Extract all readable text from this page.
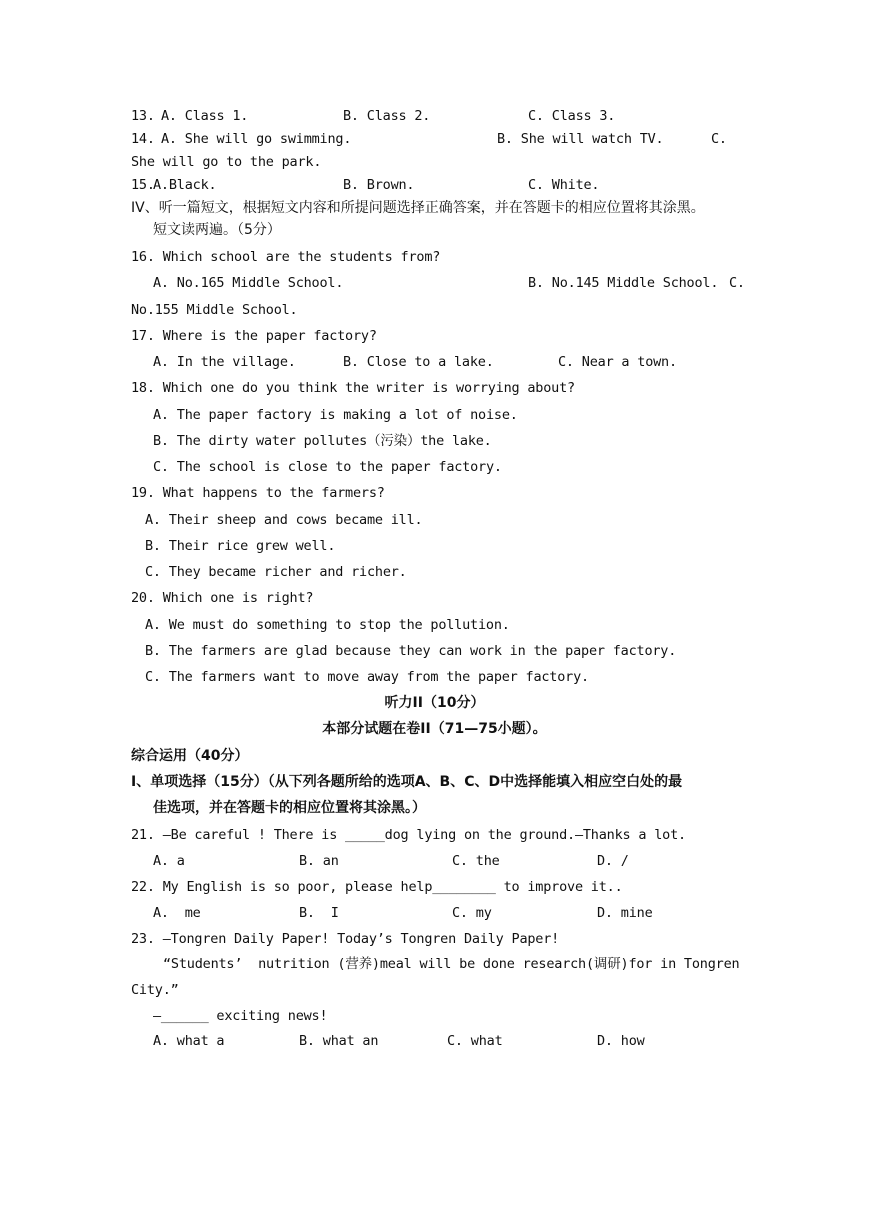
13. A. Class 1.	B. Class 2.	C. Class 3.
14. A. She will go swimming.	B. She will watch TV.	C.
She will go to the park.
15.
A.Black.	B. Brown.	C. White.
IV、听一篇短文，根据短文内容和所提问题选择正确答案，并在答题卡的相应位置将其涂黑。
短文读两遍。（5分）
16. Which school are the students from?
A. No.165 Middle School.	B. No.145 Middle School. C.
No.155 Middle School.
17. Where is the paper factory?
A. In the village.	B. Close to a lake.	C. Near a town.
18. Which one do you think the writer is worrying about?
A. The paper factory is making a lot of noise.
B. The dirty water pollutes（污染）the lake.
C. The school is close to the paper factory.
19. What happens to the farmers?
A. Their sheep and cows became ill.
B. Their rice grew well.
C. They became richer and richer.
20. Which one is right?
A. We must do something to stop the pollution.
B. The farmers are glad because they can work in the paper factory.
C. The farmers want to move away from the paper factory.
听力II（10分）
本部分试题在卷II（71—75小题）。
综合运用（40分）
I、单项选择（15分）（从下列各题所给的选项A、B、C、D中选择能填入相应空白处的最
佳选项，并在答题卡的相应位置将其涂黑。）
21. —Be careful ! There is _____dog lying on the ground.—Thanks a lot.
A. a	B. an	C. the	D. /
22. My English is so poor, please help________ to improve it..
A.  me	B.  I	C. my	D. mine
23. —Tongren Daily Paper! Today’s Tongren Daily Paper!
“Students’  nutrition (营养)meal will be done research(调研)for in Tongren
City.”
—______ exciting news!
A. what a	B. what an	C. what	D. how
